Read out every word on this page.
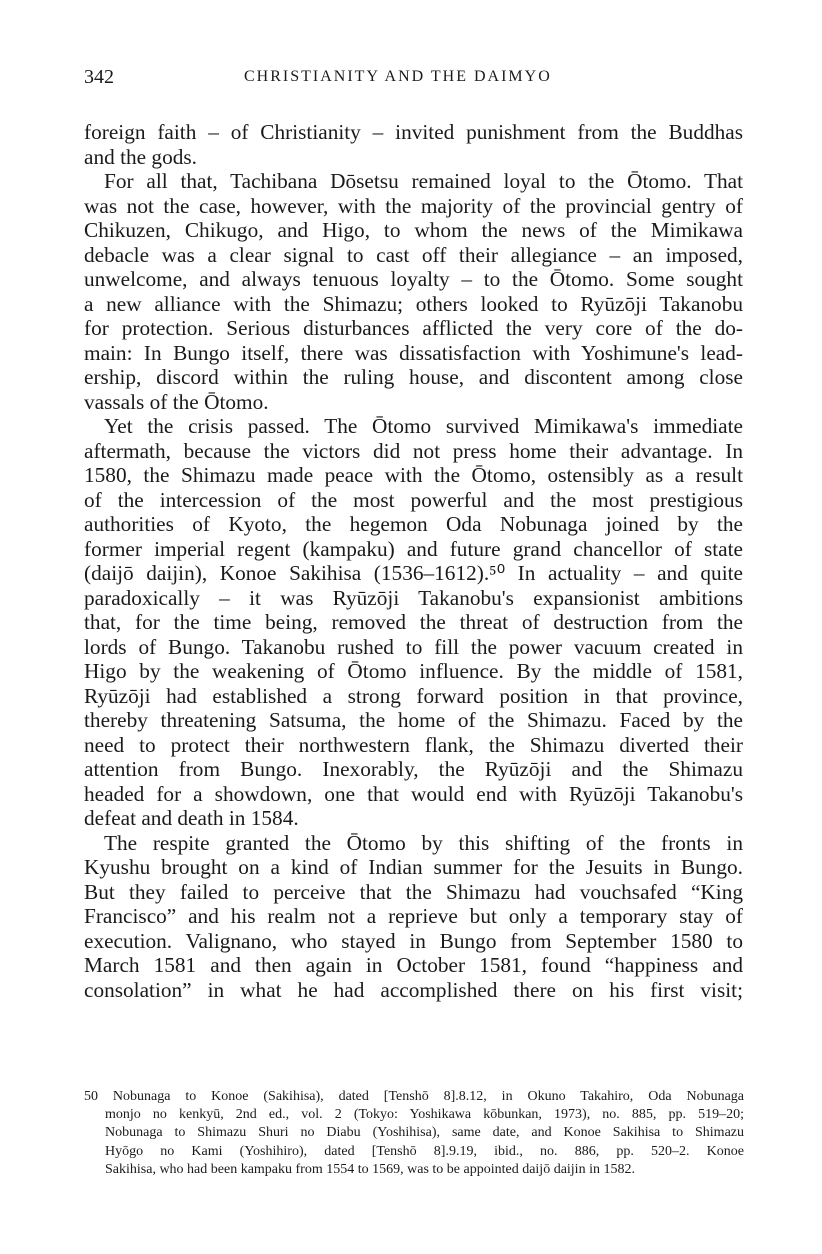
342	CHRISTIANITY AND THE DAIMYO
foreign faith – of Christianity – invited punishment from the Buddhas
and the gods.
For all that, Tachibana Dōsetsu remained loyal to the Ōtomo. That
was not the case, however, with the majority of the provincial gentry of
Chikuzen, Chikugo, and Higo, to whom the news of the Mimikawa
debacle was a clear signal to cast off their allegiance – an imposed,
unwelcome, and always tenuous loyalty – to the Ōtomo. Some sought
a new alliance with the Shimazu; others looked to Ryūzōji Takanobu
for protection. Serious disturbances afflicted the very core of the do-
main: In Bungo itself, there was dissatisfaction with Yoshimune's lead-
ership, discord within the ruling house, and discontent among close
vassals of the Ōtomo.
Yet the crisis passed. The Ōtomo survived Mimikawa's immediate
aftermath, because the victors did not press home their advantage. In
1580, the Shimazu made peace with the Ōtomo, ostensibly as a result
of the intercession of the most powerful and the most prestigious
authorities of Kyoto, the hegemon Oda Nobunaga joined by the
former imperial regent (kampaku) and future grand chancellor of state
(daijō daijin), Konoe Sakihisa (1536–1612).⁵⁰ In actuality – and quite
paradoxically – it was Ryūzōji Takanobu's expansionist ambitions
that, for the time being, removed the threat of destruction from the
lords of Bungo. Takanobu rushed to fill the power vacuum created in
Higo by the weakening of Ōtomo influence. By the middle of 1581,
Ryūzōji had established a strong forward position in that province,
thereby threatening Satsuma, the home of the Shimazu. Faced by the
need to protect their northwestern flank, the Shimazu diverted their
attention from Bungo. Inexorably, the Ryūzōji and the Shimazu
headed for a showdown, one that would end with Ryūzōji Takanobu's
defeat and death in 1584.
The respite granted the Ōtomo by this shifting of the fronts in
Kyushu brought on a kind of Indian summer for the Jesuits in Bungo.
But they failed to perceive that the Shimazu had vouchsafed “King
Francisco” and his realm not a reprieve but only a temporary stay of
execution. Valignano, who stayed in Bungo from September 1580 to
March 1581 and then again in October 1581, found “happiness and
consolation” in what he had accomplished there on his first visit;
50 Nobunaga to Konoe (Sakihisa), dated [Tenshō 8].8.12, in Okuno Takahiro, Oda Nobunaga
monjo no kenkyū, 2nd ed., vol. 2 (Tokyo: Yoshikawa kōbunkan, 1973), no. 885, pp. 519–20;
Nobunaga to Shimazu Shuri no Diabu (Yoshihisa), same date, and Konoe Sakihisa to Shimazu
Hyōgo no Kami (Yoshihiro), dated [Tenshō 8].9.19, ibid., no. 886, pp. 520–2. Konoe
Sakihisa, who had been kampaku from 1554 to 1569, was to be appointed daijō daijin in 1582.
